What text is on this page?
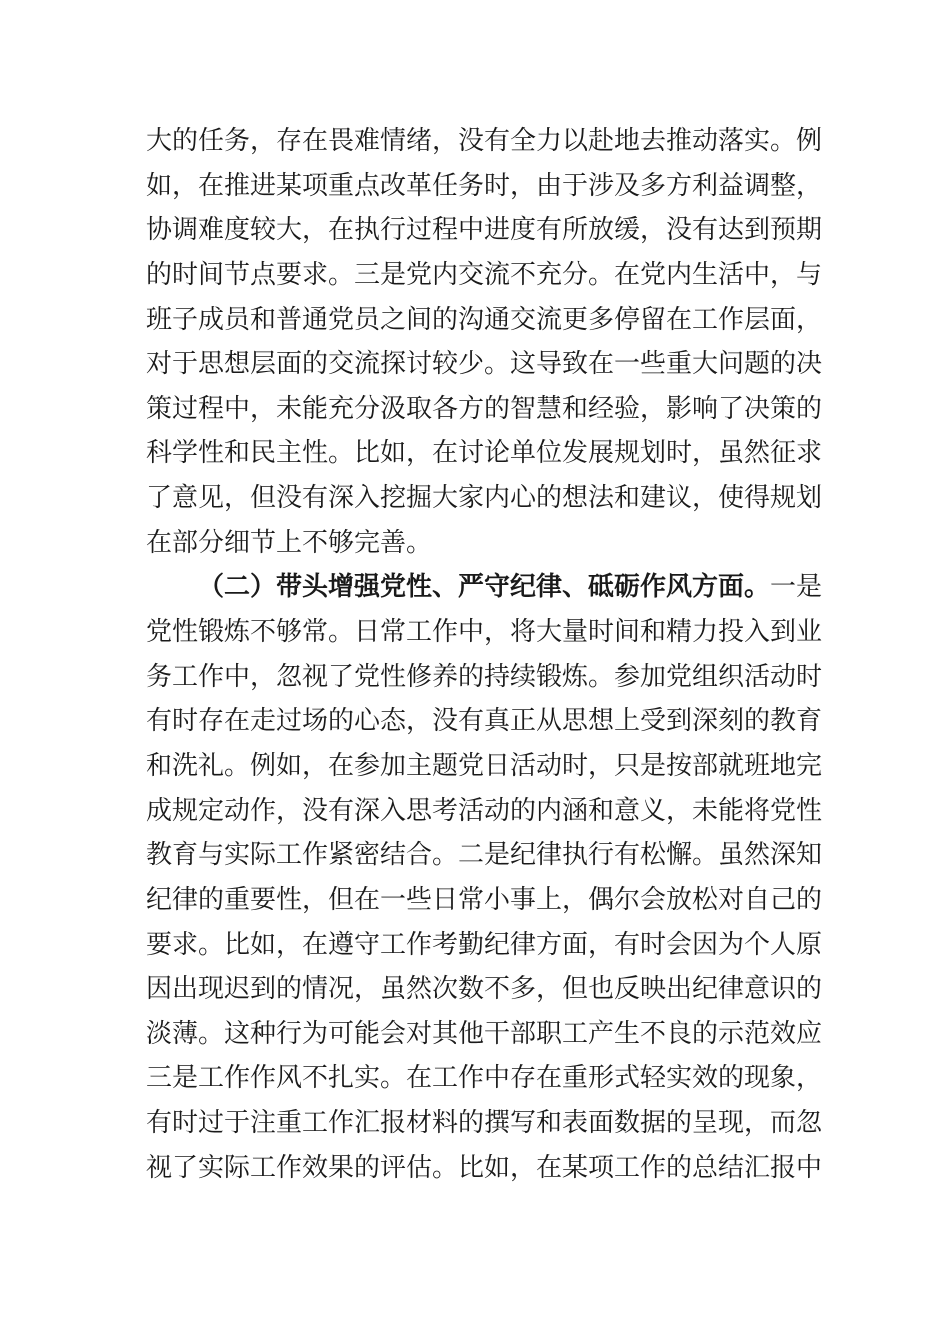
大的任务，存在畏难情绪，没有全力以赴地去推动落实。例
如，在推进某项重点改革任务时，由于涉及多方利益调整，
协调难度较大，在执行过程中进度有所放缓，没有达到预期
的时间节点要求。三是党内交流不充分。在党内生活中，与
班子成员和普通党员之间的沟通交流更多停留在工作层面，
对于思想层面的交流探讨较少。这导致在一些重大问题的决
策过程中，未能充分汲取各方的智慧和经验，影响了决策的
科学性和民主性。比如，在讨论单位发展规划时，虽然征求
了意见，但没有深入挖掘大家内心的想法和建议，使得规划
在部分细节上不够完善。
（二）带头增强党性、严守纪律、砥砺作风方面。一是
党性锻炼不够常。日常工作中，将大量时间和精力投入到业
务工作中，忽视了党性修养的持续锻炼。参加党组织活动时
有时存在走过场的心态，没有真正从思想上受到深刻的教育
和洗礼。例如，在参加主题党日活动时，只是按部就班地完
成规定动作，没有深入思考活动的内涵和意义，未能将党性
教育与实际工作紧密结合。二是纪律执行有松懈。虽然深知
纪律的重要性，但在一些日常小事上，偶尔会放松对自己的
要求。比如，在遵守工作考勤纪律方面，有时会因为个人原
因出现迟到的情况，虽然次数不多，但也反映出纪律意识的
淡薄。这种行为可能会对其他干部职工产生不良的示范效应
三是工作作风不扎实。在工作中存在重形式轻实效的现象，
有时过于注重工作汇报材料的撰写和表面数据的呈现，而忽
视了实际工作效果的评估。比如，在某项工作的总结汇报中
